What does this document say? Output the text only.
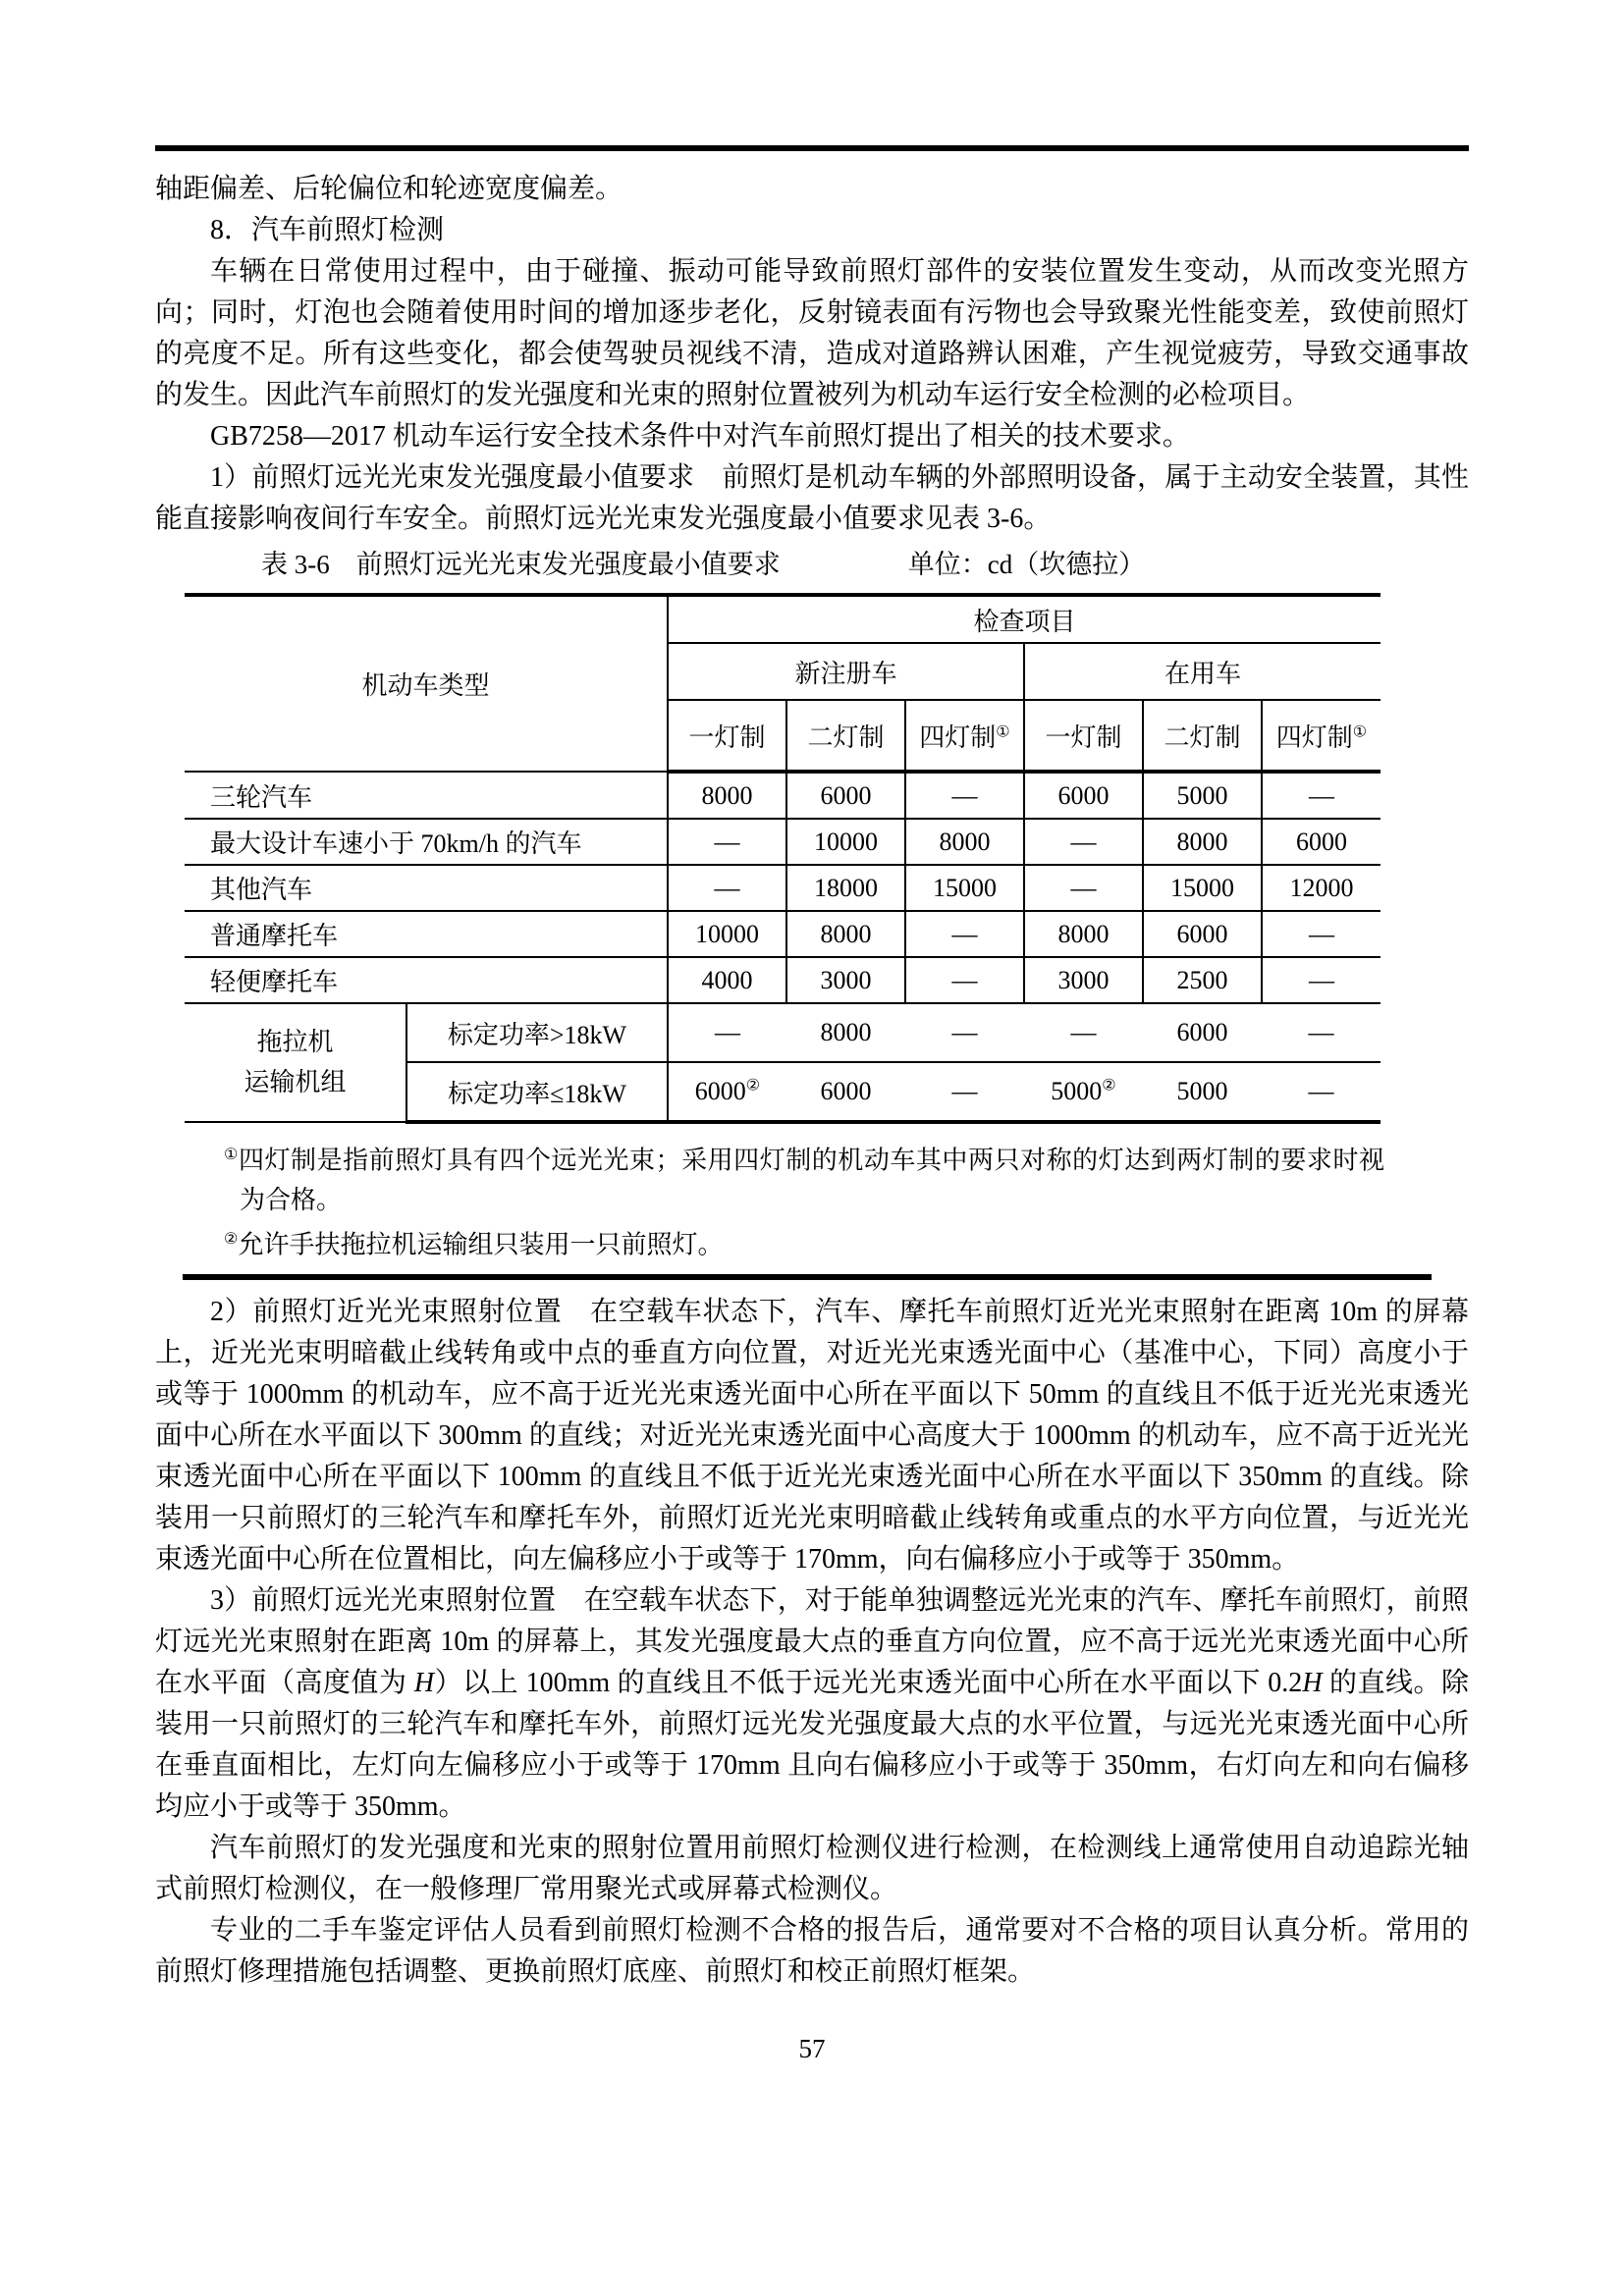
轴距偏差、后轮偏位和轮迹宽度偏差。

8．汽车前照灯检测

车辆在日常使用过程中，由于碰撞、振动可能导致前照灯部件的安装位置发生变动，从而改变光照方向；同时，灯泡也会随着使用时间的增加逐步老化，反射镜表面有污物也会导致聚光性能变差，致使前照灯的亮度不足。所有这些变化，都会使驾驶员视线不清，造成对道路辨认困难，产生视觉疲劳，导致交通事故的发生。因此汽车前照灯的发光强度和光束的照射位置被列为机动车运行安全检测的必检项目。

GB7258—2017 机动车运行安全技术条件中对汽车前照灯提出了相关的技术要求。

1）前照灯远光光束发光强度最小值要求　前照灯是机动车辆的外部照明设备，属于主动安全装置，其性能直接影响夜间行车安全。前照灯远光光束发光强度最小值要求见表 3-6。

表 3-6　前照灯远光光束发光强度最小值要求	单位：cd（坎德拉）
机动车类型		检查项目					
		新注册车			在用车		
		一灯制	二灯制	四灯制①	一灯制	二灯制	四灯制①
三轮汽车		8000	6000	—	6000	5000	—
最大设计车速小于 70km/h 的汽车		—	10000	8000	—	8000	6000
其他汽车		—	18000	15000	—	15000	12000
普通摩托车		10000	8000	—	8000	6000	—
轻便摩托车		4000	3000	—	3000	2500	—

拖拉机
运输机组	标定功率>18kW	—	8000	—	—	6000	—
	标定功率≤18kW	6000②	6000	—	5000②	5000	—
①四灯制是指前照灯具有四个远光光束；采用四灯制的机动车其中两只对称的灯达到两灯制的要求时视为合格。
②允许手扶拖拉机运输组只装用一只前照灯。

2）前照灯近光光束照射位置　在空载车状态下，汽车、摩托车前照灯近光光束照射在距离 10m 的屏幕上，近光光束明暗截止线转角或中点的垂直方向位置，对近光光束透光面中心（基准中心，下同）高度小于或等于 1000mm 的机动车，应不高于近光光束透光面中心所在平面以下 50mm 的直线且不低于近光光束透光面中心所在水平面以下 300mm 的直线；对近光光束透光面中心高度大于 1000mm 的机动车，应不高于近光光束透光面中心所在平面以下 100mm 的直线且不低于近光光束透光面中心所在水平面以下 350mm 的直线。除装用一只前照灯的三轮汽车和摩托车外，前照灯近光光束明暗截止线转角或重点的水平方向位置，与近光光束透光面中心所在位置相比，向左偏移应小于或等于 170mm，向右偏移应小于或等于 350mm。

3）前照灯远光光束照射位置　在空载车状态下，对于能单独调整远光光束的汽车、摩托车前照灯，前照灯远光光束照射在距离 10m 的屏幕上，其发光强度最大点的垂直方向位置，应不高于远光光束透光面中心所在水平面（高度值为 H）以上 100mm 的直线且不低于远光光束透光面中心所在水平面以下 0.2H 的直线。除装用一只前照灯的三轮汽车和摩托车外，前照灯远光发光强度最大点的水平位置，与远光光束透光面中心所在垂直面相比，左灯向左偏移应小于或等于 170mm 且向右偏移应小于或等于 350mm，右灯向左和向右偏移均应小于或等于 350mm。

汽车前照灯的发光强度和光束的照射位置用前照灯检测仪进行检测，在检测线上通常使用自动追踪光轴式前照灯检测仪，在一般修理厂常用聚光式或屏幕式检测仪。

专业的二手车鉴定评估人员看到前照灯检测不合格的报告后，通常要对不合格的项目认真分析。常用的前照灯修理措施包括调整、更换前照灯底座、前照灯和校正前照灯框架。

57
